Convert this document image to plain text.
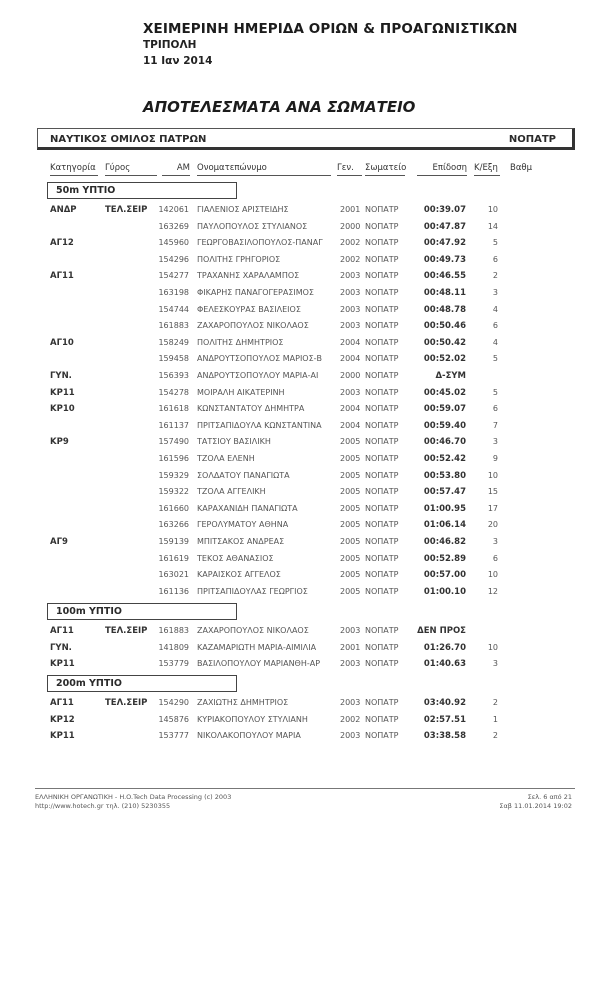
ΧΕΙΜΕΡΙΝΗ ΗΜΕΡΙΔΑ ΟΡΙΩΝ & ΠΡΟΑΓΩΝΙΣΤΙΚΩΝ
ΤΡΙΠΟΛΗ
11 Ιαν 2014
ΑΠΟΤΕΛΕΣΜΑΤΑ ΑΝΑ ΣΩΜΑΤΕΙΟ
ΝΑΥΤΙΚΟΣ ΟΜΙΛΟΣ ΠΑΤΡΩΝ	ΝΟΠΑΤΡ
Κατηγορία Γύρος	ΑΜ Ονοματεπώνυμο	Γεν.	Σωματείο	Επίδοση Κ/Εξη Βαθμ
50m ΥΠΤΙΟ
ΑΝΔΡ	ΤΕΛ.ΣΕΙΡ	142061 ΓΙΑΛΕΝΙΟΣ ΑΡΙΣΤΕΙΔΗΣ	2001 ΝΟΠΑΤΡ	00:39.07	10
163269 ΠΑΥΛΟΠΟΥΛΟΣ ΣΤΥΛΙΑΝΟΣ	2000 ΝΟΠΑΤΡ	00:47.87	14
ΑΓ12	145960 ΓΕΩΡΓΟΒΑΣΙΛΟΠΟΥΛΟΣ-ΠΑΝΑΓ 2002 ΝΟΠΑΤΡ	00:47.92	5
154296 ΠΟΛΙΤΗΣ ΓΡΗΓΟΡΙΟΣ	2002 ΝΟΠΑΤΡ	00:49.73	6
ΑΓ11	154277 ΤΡΑΧΑΝΗΣ ΧΑΡΑΛΑΜΠΟΣ	2003 ΝΟΠΑΤΡ	00:46.55	2
163198 ΦΙΚΑΡΗΣ ΠΑΝΑΓΟΓΕΡΑΣΙΜΟΣ	2003 ΝΟΠΑΤΡ	00:48.11	3
154744 ΦΕΛΕΣΚΟΥΡΑΣ ΒΑΣΙΛΕΙΟΣ	2003 ΝΟΠΑΤΡ	00:48.78	4
161883 ΖΑΧΑΡΟΠΟΥΛΟΣ ΝΙΚΟΛΑΟΣ	2003 ΝΟΠΑΤΡ	00:50.46	6
ΑΓ10	158249 ΠΟΛΙΤΗΣ ΔΗΜΗΤΡΙΟΣ	2004 ΝΟΠΑΤΡ	00:50.42	4
159458 ΑΝΔΡΟΥΤΣΟΠΟΥΛΟΣ ΜΑΡΙΟΣ-Β 2004 ΝΟΠΑΤΡ	00:52.02	5
ΓΥΝ.	156393 ΑΝΔΡΟΥΤΣΟΠΟΥΛΟΥ ΜΑΡΙΑ-ΑΙ	2000 ΝΟΠΑΤΡ	Δ-ΣΥΜ
ΚΡ11	154278 ΜΟΙΡΑΛΗ ΑΙΚΑΤΕΡΙΝΗ	2003 ΝΟΠΑΤΡ	00:45.02	5
ΚΡ10	161618 ΚΩΝΣΤΑΝΤΑΤΟΥ ΔΗΜΗΤΡΑ	2004 ΝΟΠΑΤΡ	00:59.07	6
161137 ΠΡΙΤΣΑΠΙΔΟΥΛΑ ΚΩΝΣΤΑΝΤΙΝΑ 2004 ΝΟΠΑΤΡ	00:59.40	7
ΚΡ9	157490 ΤΑΤΣΙΟΥ ΒΑΣΙΛΙΚΗ	2005 ΝΟΠΑΤΡ	00:46.70	3
161596 ΤΖΟΛΑ ΕΛΕΝΗ	2005 ΝΟΠΑΤΡ	00:52.42	9
159329 ΣΟΛΔΑΤΟΥ ΠΑΝΑΓΙΩΤΑ	2005 ΝΟΠΑΤΡ	00:53.80	10
159322 ΤΖΟΛΑ ΑΓΓΕΛΙΚΗ	2005 ΝΟΠΑΤΡ	00:57.47	15
161660 ΚΑΡΑΧΑΝΙΔΗ ΠΑΝΑΓΙΩΤΑ	2005 ΝΟΠΑΤΡ	01:00.95	17
163266 ΓΕΡΟΛΥΜΑΤΟΥ ΑΘΗΝΑ	2005 ΝΟΠΑΤΡ	01:06.14	20
ΑΓ9	159139 ΜΠΙΤΣΑΚΟΣ ΑΝΔΡΕΑΣ	2005 ΝΟΠΑΤΡ	00:46.82	3
161619 ΤΕΚΟΣ ΑΘΑΝΑΣΙΟΣ	2005 ΝΟΠΑΤΡ	00:52.89	6
163021 ΚΑΡΑΙΣΚΟΣ ΑΓΓΕΛΟΣ	2005 ΝΟΠΑΤΡ	00:57.00	10
161136 ΠΡΙΤΣΑΠΙΔΟΥΛΑΣ ΓΕΩΡΓΙΟΣ	2005 ΝΟΠΑΤΡ	01:00.10	12
100m ΥΠΤΙΟ
ΑΓ11	ΤΕΛ.ΣΕΙΡ	161883 ΖΑΧΑΡΟΠΟΥΛΟΣ ΝΙΚΟΛΑΟΣ	2003 ΝΟΠΑΤΡ	ΔΕΝ ΠΡΟΣ
ΓΥΝ.	141809 ΚΑΖΑΜΑΡΙΩΤΗ ΜΑΡΙΑ-ΑΙΜΙΛΙΑ	2001 ΝΟΠΑΤΡ	01:26.70	10
ΚΡ11	153779 ΒΑΣΙΛΟΠΟΥΛΟΥ ΜΑΡΙΑΝΘΗ-ΑΡ 2003 ΝΟΠΑΤΡ	01:40.63	3
200m ΥΠΤΙΟ
ΑΓ11	ΤΕΛ.ΣΕΙΡ	154290 ΖΑΧΙΩΤΗΣ ΔΗΜΗΤΡΙΟΣ	2003 ΝΟΠΑΤΡ	03:40.92	2
ΚΡ12	145876 ΚΥΡΙΑΚΟΠΟΥΛΟΥ ΣΤΥΛΙΑΝΗ	2002 ΝΟΠΑΤΡ	02:57.51	1
ΚΡ11	153777 ΝΙΚΟΛΑΚΟΠΟΥΛΟΥ ΜΑΡΙΑ	2003 ΝΟΠΑΤΡ	03:38.58	2
ΕΛΛΗΝΙΚΗ ΟΡΓΑΝΩΤΙΚΗ - H.O.Tech Data Processing (c) 2003
http://www.hotech.gr τηλ. (210) 5230355
Σελ. 6 από 21
Σαβ 11.01.2014 19:02
